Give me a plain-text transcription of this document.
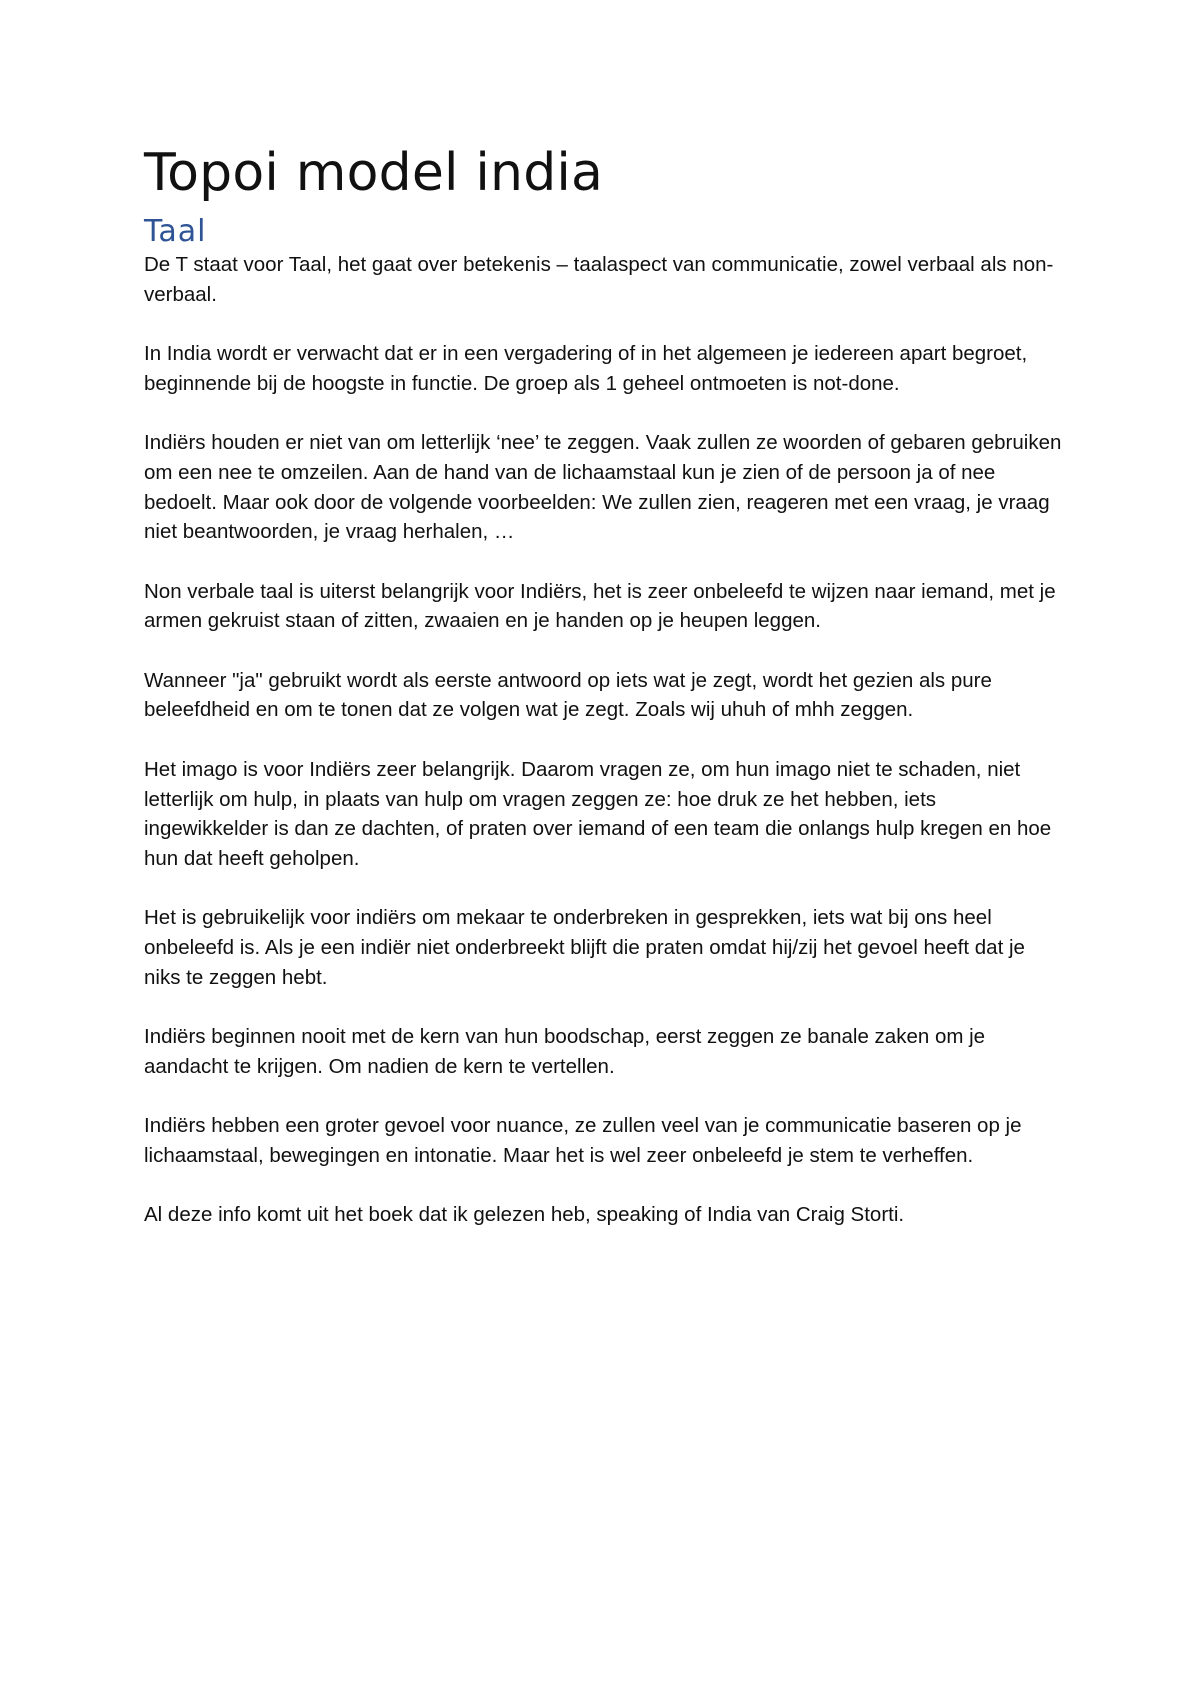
Topoi model india
Taal

De T staat voor Taal, het gaat over betekenis – taalaspect van communicatie, zowel verbaal als non-verbaal.

In India wordt er verwacht dat er in een vergadering of in het algemeen je iedereen apart begroet, beginnende bij de hoogste in functie. De groep als 1 geheel ontmoeten is not-done.

Indiërs houden er niet van om letterlijk ‘nee’ te zeggen. Vaak zullen ze woorden of gebaren gebruiken om een nee te omzeilen. Aan de hand van de lichaamstaal kun je zien of de persoon ja of nee bedoelt. Maar ook door de volgende voorbeelden: We zullen zien, reageren met een vraag, je vraag niet beantwoorden, je vraag herhalen, …

Non verbale taal is uiterst belangrijk voor Indiërs, het is zeer onbeleefd te wijzen naar iemand, met je armen gekruist staan of zitten, zwaaien en je handen op je heupen leggen.

Wanneer "ja" gebruikt wordt als eerste antwoord op iets wat je zegt, wordt het gezien als pure beleefdheid en om te tonen dat ze volgen wat je zegt. Zoals wij uhuh of mhh zeggen.

Het imago is voor Indiërs zeer belangrijk. Daarom vragen ze, om hun imago niet te schaden, niet letterlijk om hulp, in plaats van hulp om vragen zeggen ze: hoe druk ze het hebben, iets ingewikkelder is dan ze dachten, of praten over iemand of een team die onlangs hulp kregen en hoe hun dat heeft geholpen.

Het is gebruikelijk voor indiërs om mekaar te onderbreken in gesprekken, iets wat bij ons heel onbeleefd is. Als je een indiër niet onderbreekt blijft die praten omdat hij/zij het gevoel heeft dat je niks te zeggen hebt.

Indiërs beginnen nooit met de kern van hun boodschap, eerst zeggen ze banale zaken om je aandacht te krijgen. Om nadien de kern te vertellen.

Indiërs hebben een groter gevoel voor nuance, ze zullen veel van je communicatie baseren op je lichaamstaal, bewegingen en intonatie. Maar het is wel zeer onbeleefd je stem te verheffen.

Al deze info komt uit het boek dat ik gelezen heb, speaking of India van Craig Storti.
